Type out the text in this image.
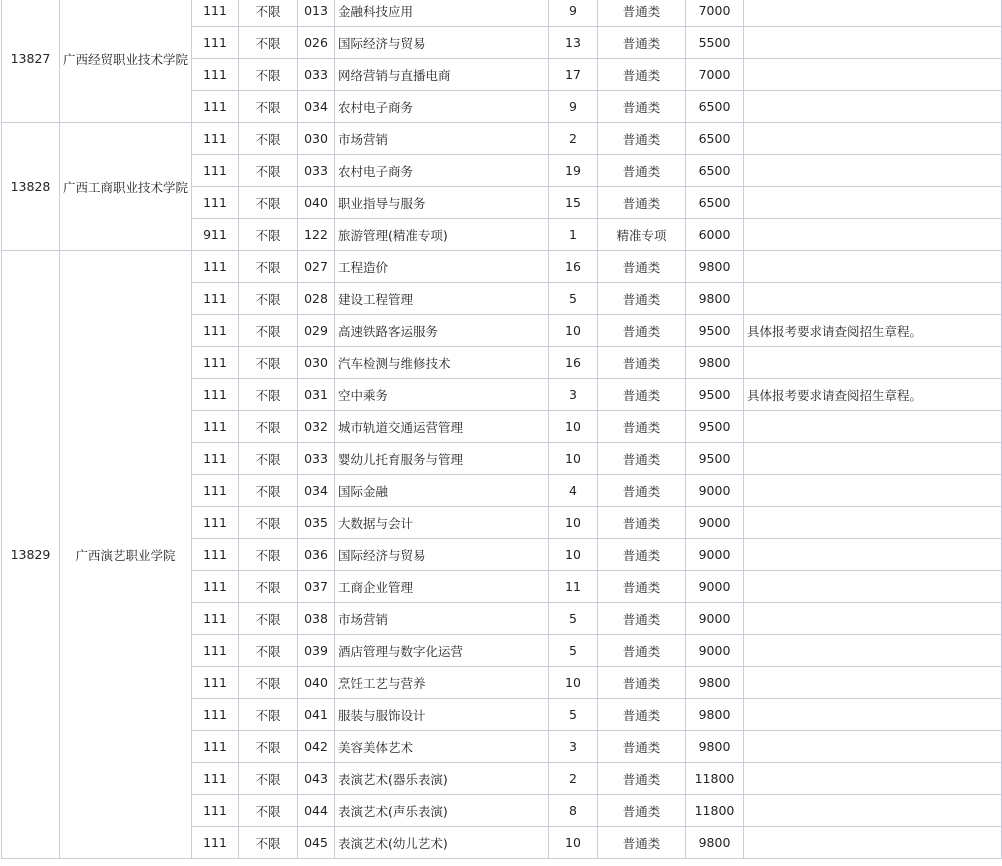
13827	广西经贸职业技术学院	111	不限	013	金融科技应用	9	普通类	7000	
		111	不限	026	国际经济与贸易	13	普通类	5500	
		111	不限	033	网络营销与直播电商	17	普通类	7000	
		111	不限	034	农村电子商务	9	普通类	6500	
13828	广西工商职业技术学院	111	不限	030	市场营销	2	普通类	6500	
		111	不限	033	农村电子商务	19	普通类	6500	
		111	不限	040	职业指导与服务	15	普通类	6500	
		911	不限	122	旅游管理(精准专项)	1	精准专项	6000	
13829	广西演艺职业学院	111	不限	027	工程造价	16	普通类	9800	
		111	不限	028	建设工程管理	5	普通类	9800	
		111	不限	029	高速铁路客运服务	10	普通类	9500	具体报考要求请查阅招生章程。
		111	不限	030	汽车检测与维修技术	16	普通类	9800	
		111	不限	031	空中乘务	3	普通类	9500	具体报考要求请查阅招生章程。
		111	不限	032	城市轨道交通运营管理	10	普通类	9500	
		111	不限	033	婴幼儿托育服务与管理	10	普通类	9500	
		111	不限	034	国际金融	4	普通类	9000	
		111	不限	035	大数据与会计	10	普通类	9000	
		111	不限	036	国际经济与贸易	10	普通类	9000	
		111	不限	037	工商企业管理	11	普通类	9000	
		111	不限	038	市场营销	5	普通类	9000	
		111	不限	039	酒店管理与数字化运营	5	普通类	9000	
		111	不限	040	烹饪工艺与营养	10	普通类	9800	
		111	不限	041	服装与服饰设计	5	普通类	9800	
		111	不限	042	美容美体艺术	3	普通类	9800	
		111	不限	043	表演艺术(器乐表演)	2	普通类	11800	
		111	不限	044	表演艺术(声乐表演)	8	普通类	11800	
		111	不限	045	表演艺术(幼儿艺术)	10	普通类	9800	
